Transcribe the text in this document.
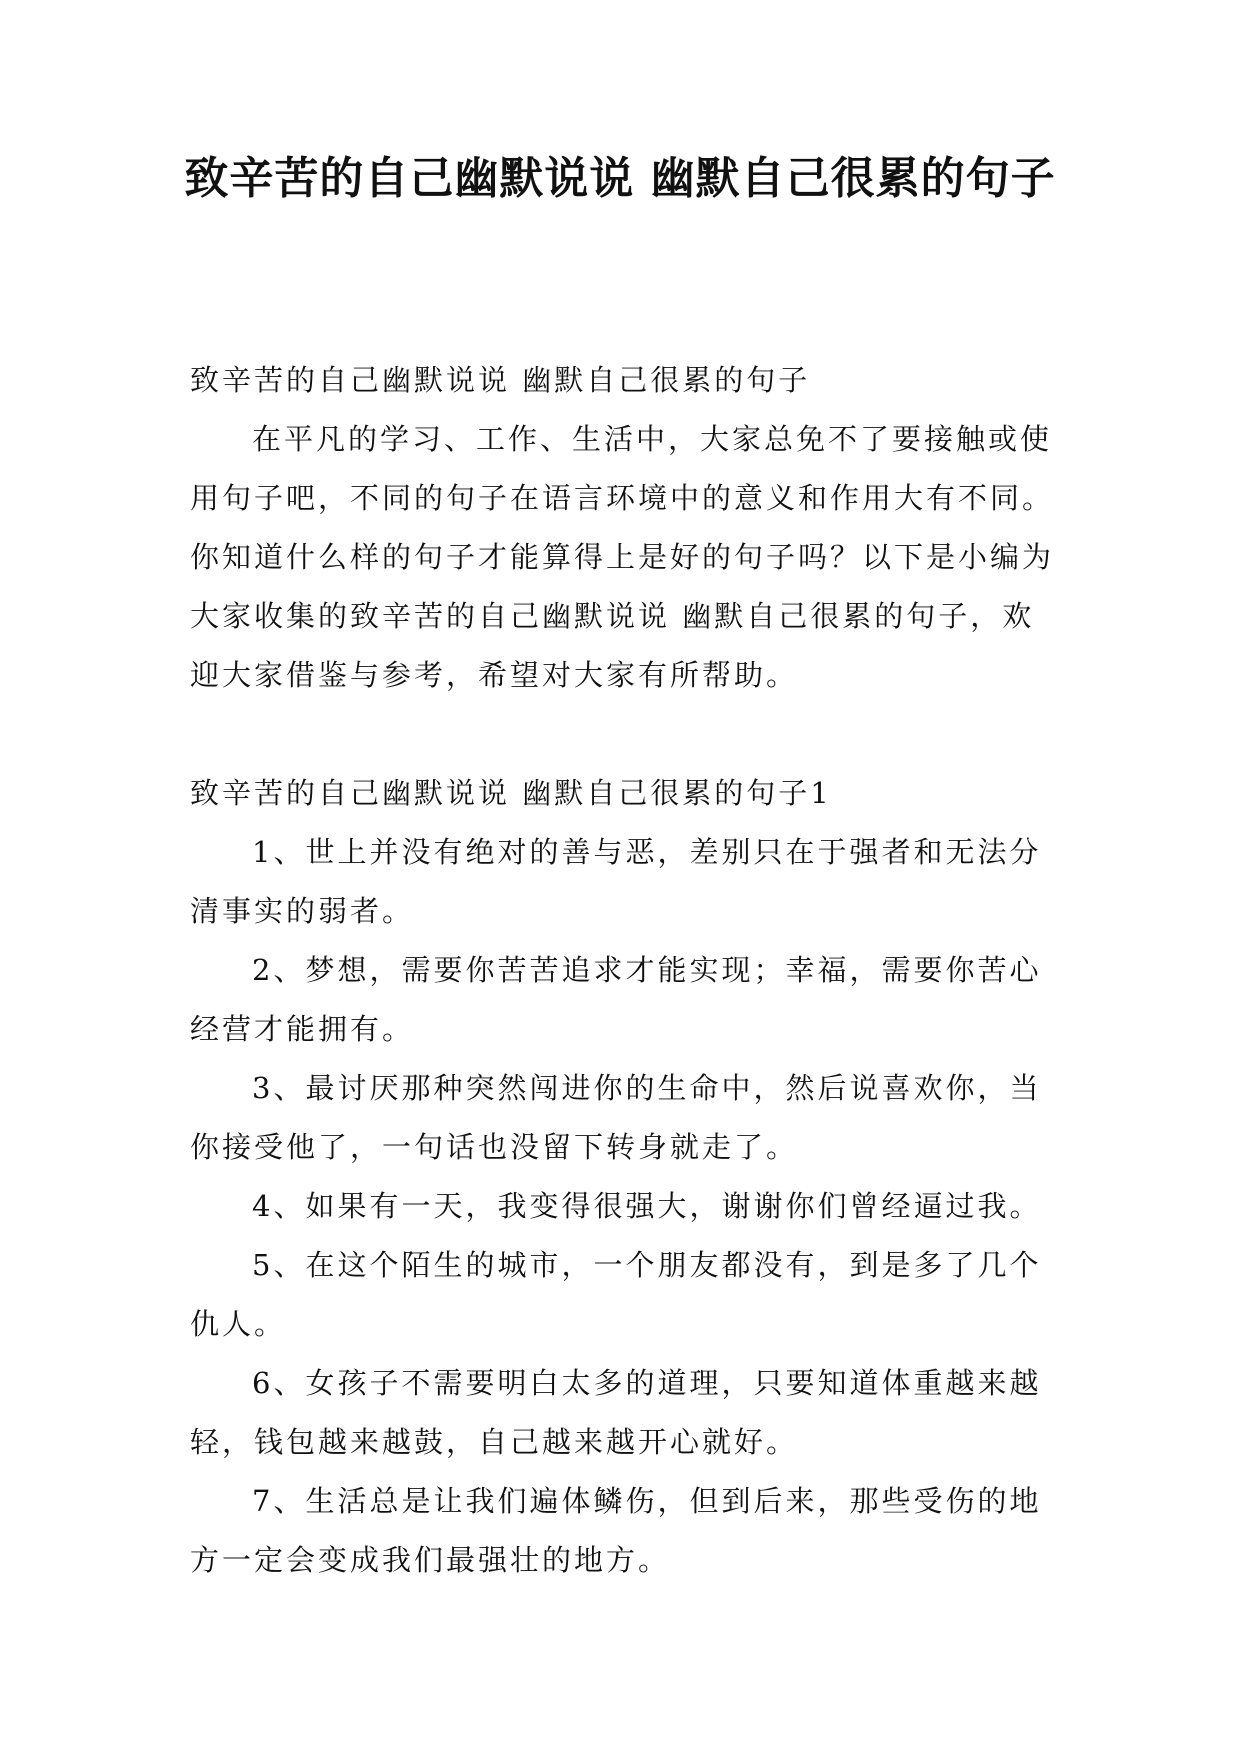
致辛苦的自己幽默说说 幽默自己很累的句子

致辛苦的自己幽默说说 幽默自己很累的句子

在平凡的学习、工作、生活中，大家总免不了要接触或使用句子吧，不同的句子在语言环境中的意义和作用大有不同。你知道什么样的句子才能算得上是好的句子吗？以下是小编为大家收集的致辛苦的自己幽默说说 幽默自己很累的句子，欢迎大家借鉴与参考，希望对大家有所帮助。

致辛苦的自己幽默说说 幽默自己很累的句子1

1、世上并没有绝对的善与恶，差别只在于强者和无法分清事实的弱者。

2、梦想，需要你苦苦追求才能实现；幸福，需要你苦心经营才能拥有。

3、最讨厌那种突然闯进你的生命中，然后说喜欢你，当你接受他了，一句话也没留下转身就走了。

4、如果有一天，我变得很强大，谢谢你们曾经逼过我。

5、在这个陌生的城市，一个朋友都没有，到是多了几个仇人。

6、女孩子不需要明白太多的道理，只要知道体重越来越轻，钱包越来越鼓，自己越来越开心就好。

7、生活总是让我们遍体鳞伤，但到后来，那些受伤的地方一定会变成我们最强壮的地方。
